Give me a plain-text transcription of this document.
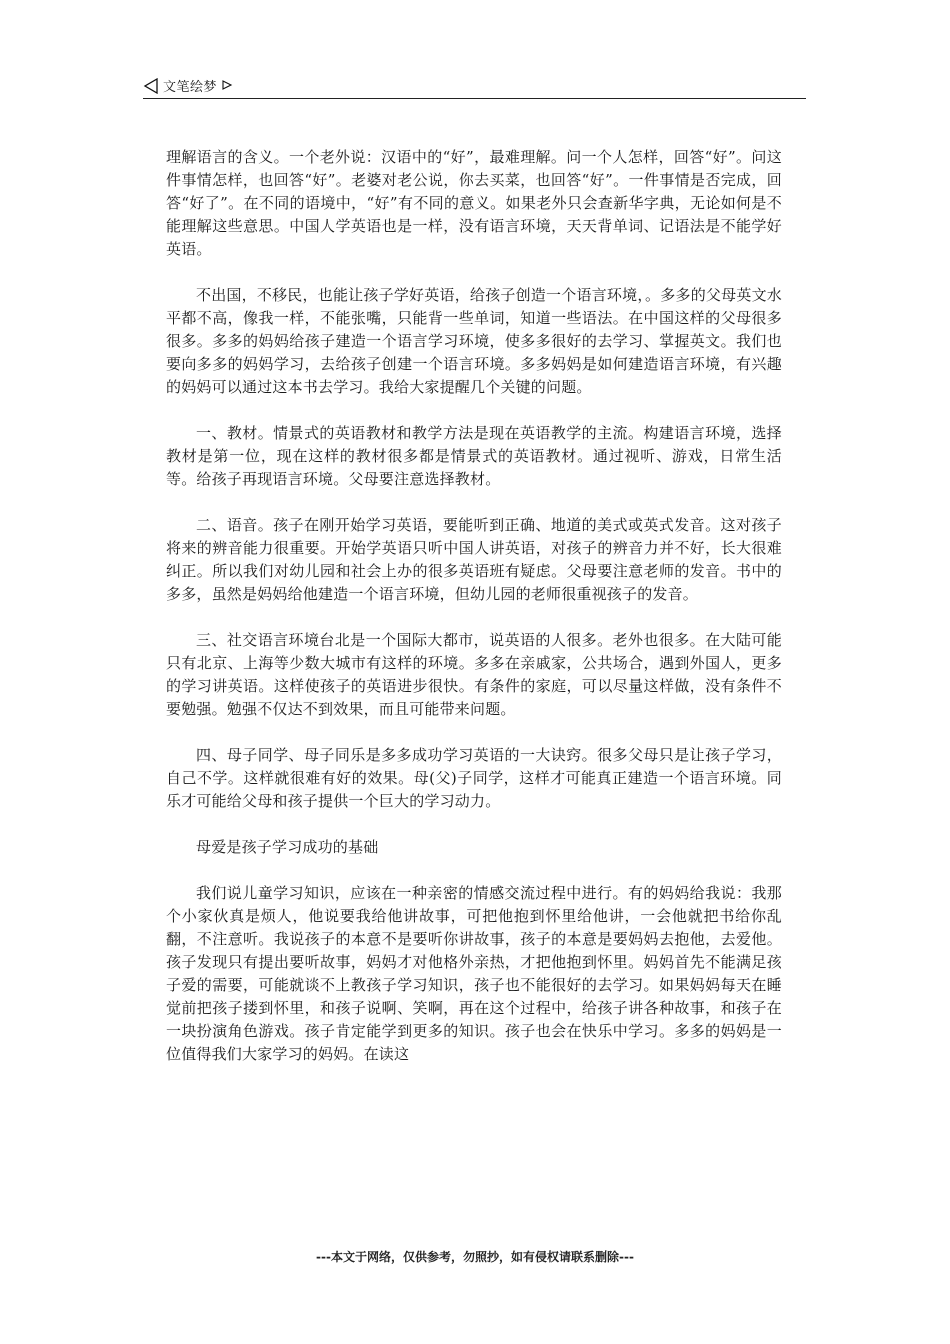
文笔绘梦

理解语言的含义。一个老外说：汉语中的“好”，最难理解。问一个人怎样，回答“好”。问这件事情怎样，也回答“好”。老婆对老公说，你去买菜，也回答“好”。一件事情是否完成，回答“好了”。在不同的语境中，“好”有不同的意义。如果老外只会查新华字典，无论如何是不能理解这些意思。中国人学英语也是一样，没有语言环境，天天背单词、记语法是不能学好英语。

不出国，不移民，也能让孩子学好英语，给孩子创造一个语言环境，。多多的父母英文水平都不高，像我一样，不能张嘴，只能背一些单词，知道一些语法。在中国这样的父母很多很多。多多的妈妈给孩子建造一个语言学习环境，使多多很好的去学习、掌握英文。我们也要向多多的妈妈学习，去给孩子创建一个语言环境。多多妈妈是如何建造语言环境，有兴趣的妈妈可以通过这本书去学习。我给大家提醒几个关键的问题。

一、教材。情景式的英语教材和教学方法是现在英语教学的主流。构建语言环境，选择教材是第一位，现在这样的教材很多都是情景式的英语教材。通过视听、游戏，日常生活等。给孩子再现语言环境。父母要注意选择教材。

二、语音。孩子在刚开始学习英语，要能听到正确、地道的美式或英式发音。这对孩子将来的辨音能力很重要。开始学英语只听中国人讲英语，对孩子的辨音力并不好，长大很难纠正。所以我们对幼儿园和社会上办的很多英语班有疑虑。父母要注意老师的发音。书中的多多，虽然是妈妈给他建造一个语言环境，但幼儿园的老师很重视孩子的发音。

三、社交语言环境台北是一个国际大都市，说英语的人很多。老外也很多。在大陆可能只有北京、上海等少数大城市有这样的环境。多多在亲戚家，公共场合，遇到外国人，更多的学习讲英语。这样使孩子的英语进步很快。有条件的家庭，可以尽量这样做，没有条件不要勉强。勉强不仅达不到效果，而且可能带来问题。

四、母子同学、母子同乐是多多成功学习英语的一大诀窍。很多父母只是让孩子学习，自己不学。这样就很难有好的效果。母(父)子同学，这样才可能真正建造一个语言环境。同乐才可能给父母和孩子提供一个巨大的学习动力。

母爱是孩子学习成功的基础

我们说儿童学习知识，应该在一种亲密的情感交流过程中进行。有的妈妈给我说：我那个小家伙真是烦人，他说要我给他讲故事，可把他抱到怀里给他讲，一会他就把书给你乱翻，不注意听。我说孩子的本意不是要听你讲故事，孩子的本意是要妈妈去抱他，去爱他。孩子发现只有提出要听故事，妈妈才对他格外亲热，才把他抱到怀里。妈妈首先不能满足孩子爱的需要，可能就谈不上教孩子学习知识，孩子也不能很好的去学习。如果妈妈每天在睡觉前把孩子搂到怀里，和孩子说啊、笑啊，再在这个过程中，给孩子讲各种故事，和孩子在一块扮演角色游戏。孩子肯定能学到更多的知识。孩子也会在快乐中学习。多多的妈妈是一位值得我们大家学习的妈妈。在读这

---本文于网络，仅供参考，勿照抄，如有侵权请联系删除---
